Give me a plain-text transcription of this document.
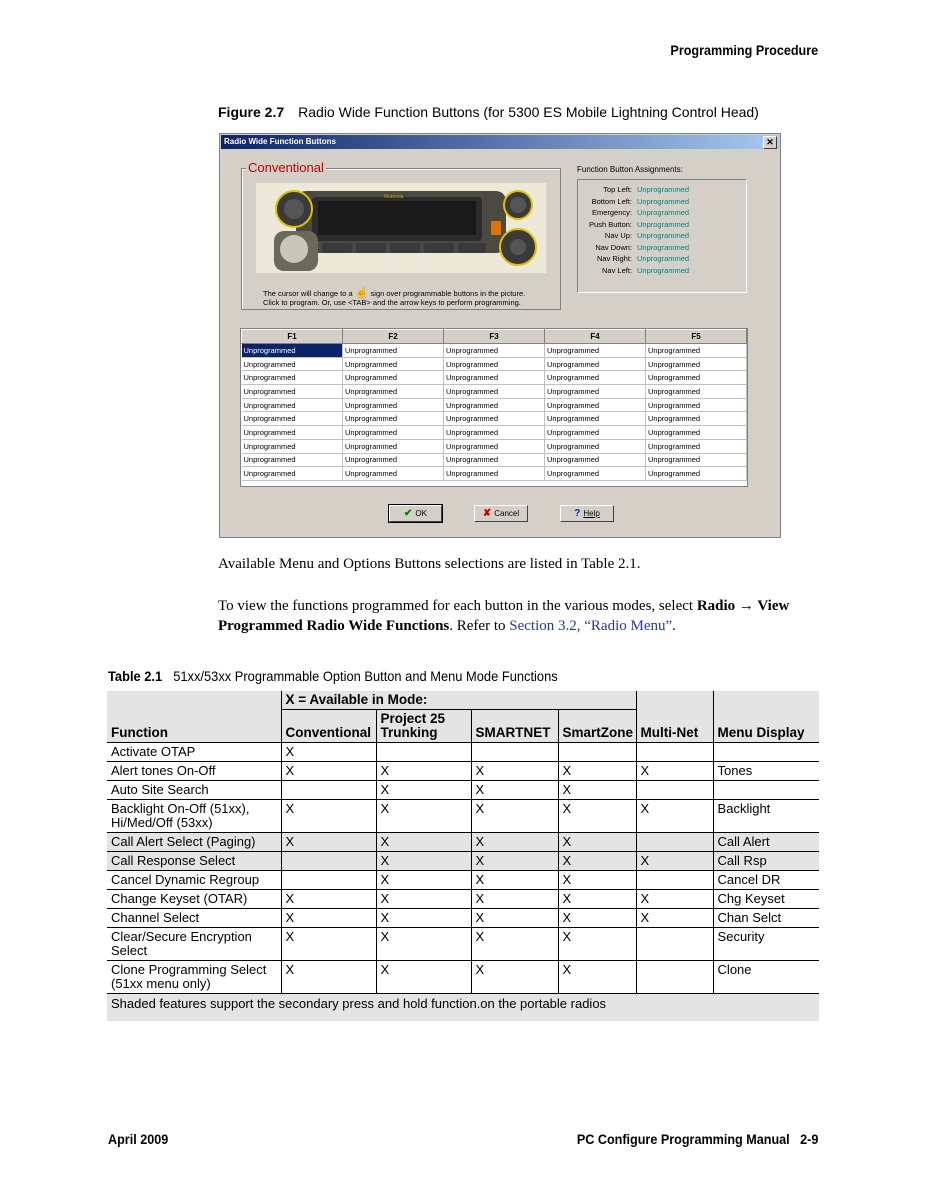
Programming Procedure
Figure 2.7 Radio Wide Function Buttons (for 5300 ES Mobile Lightning Control Head)
Radio Wide Function Buttons	✕
Conventional
Motorola
The cursor will change to a ☝ sign over programmable buttons in the picture.
Click to program. Or, use <TAB> and the arrow keys to perform programming.
Function Button Assignments:
Top Left: Unprogrammed
Bottom Left: Unprogrammed
Emergency: Unprogrammed
Push Button: Unprogrammed
Nav Up: Unprogrammed
Nav Down: Unprogrammed
Nav Right: Unprogrammed
Nav Left: Unprogrammed
F1	F2	F3	F4	F5
Unprogrammed	Unprogrammed	Unprogrammed	Unprogrammed	Unprogrammed
Unprogrammed	Unprogrammed	Unprogrammed	Unprogrammed	Unprogrammed
Unprogrammed	Unprogrammed	Unprogrammed	Unprogrammed	Unprogrammed
Unprogrammed	Unprogrammed	Unprogrammed	Unprogrammed	Unprogrammed
Unprogrammed	Unprogrammed	Unprogrammed	Unprogrammed	Unprogrammed
Unprogrammed	Unprogrammed	Unprogrammed	Unprogrammed	Unprogrammed
Unprogrammed	Unprogrammed	Unprogrammed	Unprogrammed	Unprogrammed
Unprogrammed	Unprogrammed	Unprogrammed	Unprogrammed	Unprogrammed
Unprogrammed	Unprogrammed	Unprogrammed	Unprogrammed	Unprogrammed
Unprogrammed	Unprogrammed	Unprogrammed	Unprogrammed	Unprogrammed
✔ OK	✘ Cancel	? Help
Available Menu and Options Buttons selections are listed in Table 2.1.
To view the functions programmed for each button in the various modes, select Radio → View Programmed Radio Wide Functions. Refer to Section 3.2, “Radio Menu”.
Table 2.1 51xx/53xx Programmable Option Button and Menu Mode Functions
Function	X = Available in Mode:					Menu Display
	Conventional	Project 25 Trunking	SMARTNET	SmartZone	Multi-Net	
Activate OTAP	X					
Alert tones On-Off	X	X	X	X	X	Tones
Auto Site Search		X	X	X		
Backlight On-Off (51xx), Hi/Med/Off (53xx)	X	X	X	X	X	Backlight
Call Alert Select (Paging)	X	X	X	X		Call Alert
Call Response Select		X	X	X	X	Call Rsp
Cancel Dynamic Regroup		X	X	X		Cancel DR
Change Keyset (OTAR)	X	X	X	X	X	Chg Keyset
Channel Select	X	X	X	X	X	Chan Selct
Clear/Secure Encryption Select	X	X	X	X		Security
Clone Programming Select (51xx menu only)	X	X	X	X		Clone
Shaded features support the secondary press and hold function.on the portable radios						
April 2009	PC Configure Programming Manual 2-9
